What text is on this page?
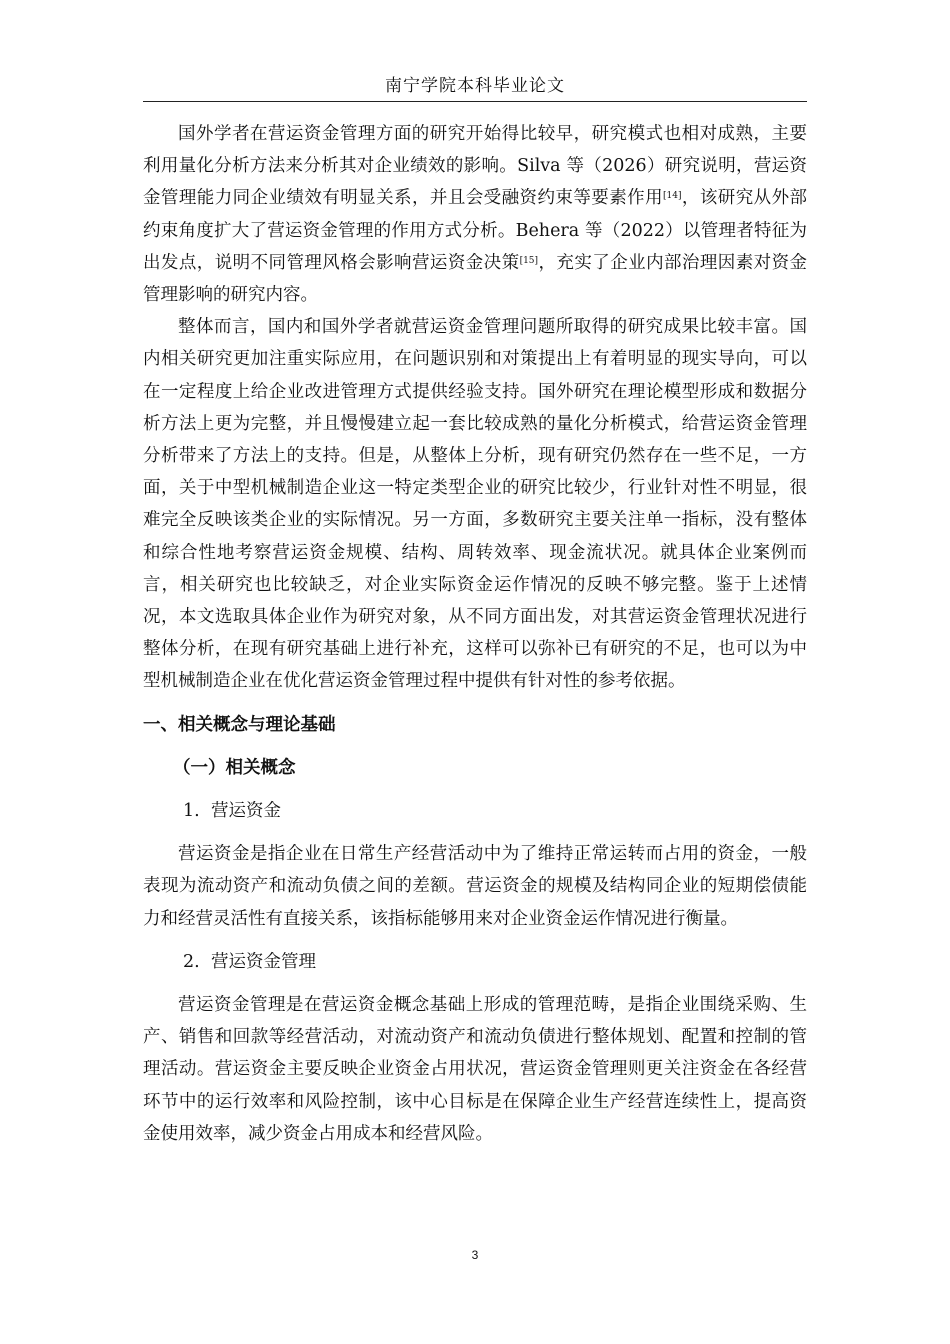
南宁学院本科毕业论文

国外学者在营运资金管理方面的研究开始得比较早，研究模式也相对成熟，主要利用量化分析方法来分析其对企业绩效的影响。Silva 等（2026）研究说明，营运资金管理能力同企业绩效有明显关系，并且会受融资约束等要素作用[14]，该研究从外部约束角度扩大了营运资金管理的作用方式分析。Behera 等（2022）以管理者特征为出发点，说明不同管理风格会影响营运资金决策[15]，充实了企业内部治理因素对资金管理影响的研究内容。

整体而言，国内和国外学者就营运资金管理问题所取得的研究成果比较丰富。国内相关研究更加注重实际应用，在问题识别和对策提出上有着明显的现实导向，可以在一定程度上给企业改进管理方式提供经验支持。国外研究在理论模型形成和数据分析方法上更为完整，并且慢慢建立起一套比较成熟的量化分析模式，给营运资金管理分析带来了方法上的支持。但是，从整体上分析，现有研究仍然存在一些不足，一方面，关于中型机械制造企业这一特定类型企业的研究比较少，行业针对性不明显，很难完全反映该类企业的实际情况。另一方面，多数研究主要关注单一指标，没有整体和综合性地考察营运资金规模、结构、周转效率、现金流状况。就具体企业案例而言，相关研究也比较缺乏，对企业实际资金运作情况的反映不够完整。鉴于上述情况，本文选取具体企业作为研究对象，从不同方面出发，对其营运资金管理状况进行整体分析，在现有研究基础上进行补充，这样可以弥补已有研究的不足，也可以为中型机械制造企业在优化营运资金管理过程中提供有针对性的参考依据。

一、相关概念与理论基础
（一）相关概念
1. 营运资金

营运资金是指企业在日常生产经营活动中为了维持正常运转而占用的资金，一般表现为流动资产和流动负债之间的差额。营运资金的规模及结构同企业的短期偿债能力和经营灵活性有直接关系，该指标能够用来对企业资金运作情况进行衡量。

2. 营运资金管理

营运资金管理是在营运资金概念基础上形成的管理范畴，是指企业围绕采购、生产、销售和回款等经营活动，对流动资产和流动负债进行整体规划、配置和控制的管理活动。营运资金主要反映企业资金占用状况，营运资金管理则更关注资金在各经营环节中的运行效率和风险控制，该中心目标是在保障企业生产经营连续性上，提高资金使用效率，减少资金占用成本和经营风险。

3
